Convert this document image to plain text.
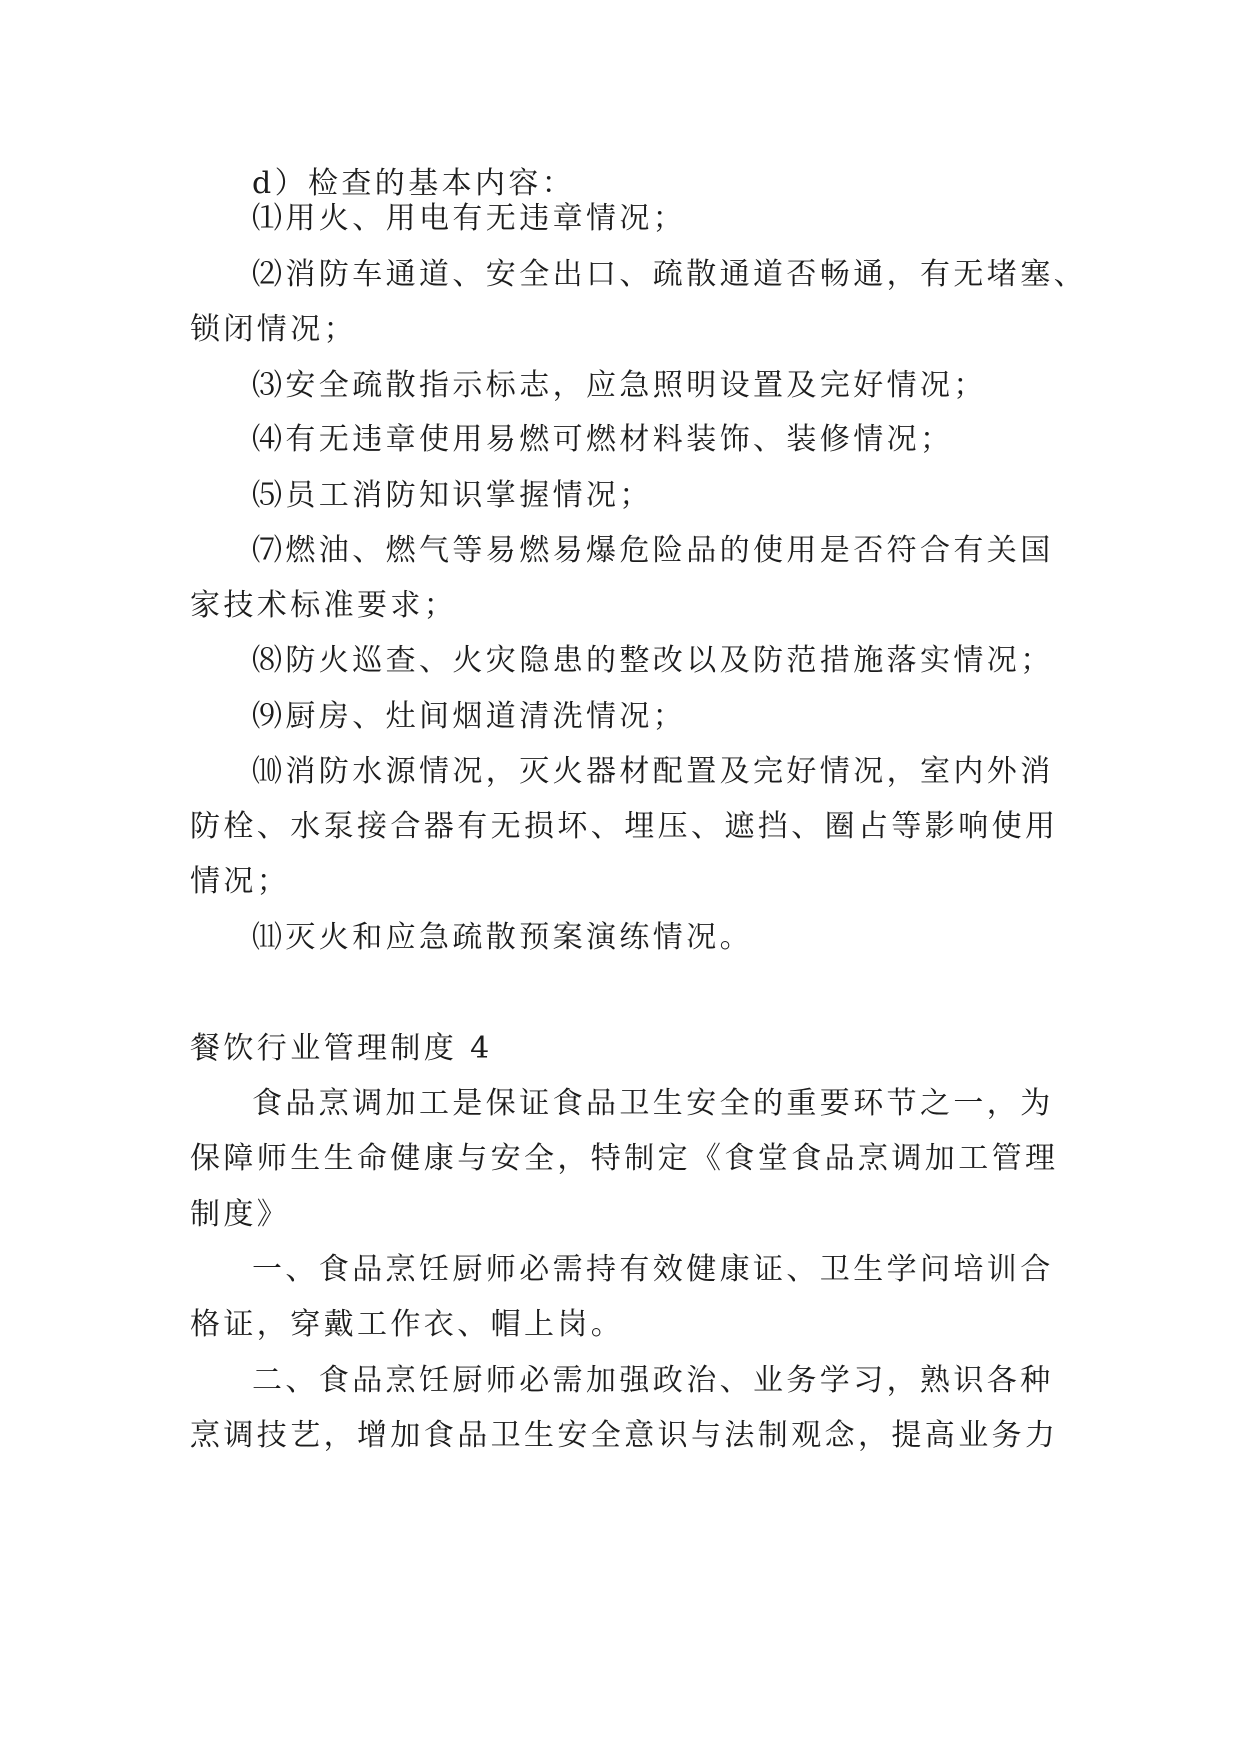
d）检查的基本内容：
⑴用火、用电有无违章情况；
⑵消防车通道、安全出口、疏散通道否畅通，有无堵塞、
锁闭情况；
⑶安全疏散指示标志，应急照明设置及完好情况；
⑷有无违章使用易燃可燃材料装饰、装修情况；
⑸员工消防知识掌握情况；
⑺燃油、燃气等易燃易爆危险品的使用是否符合有关国
家技术标准要求；
⑻防火巡查、火灾隐患的整改以及防范措施落实情况；
⑼厨房、灶间烟道清洗情况；
⑽消防水源情况，灭火器材配置及完好情况，室内外消
防栓、水泵接合器有无损坏、埋压、遮挡、圈占等影响使用
情况；
⑾灭火和应急疏散预案演练情况。
餐饮行业管理制度 4
食品烹调加工是保证食品卫生安全的重要环节之一，为
保障师生生命健康与安全，特制定《食堂食品烹调加工管理
制度》
一、食品烹饪厨师必需持有效健康证、卫生学问培训合
格证，穿戴工作衣、帽上岗。
二、食品烹饪厨师必需加强政治、业务学习，熟识各种
烹调技艺，增加食品卫生安全意识与法制观念，提高业务力
